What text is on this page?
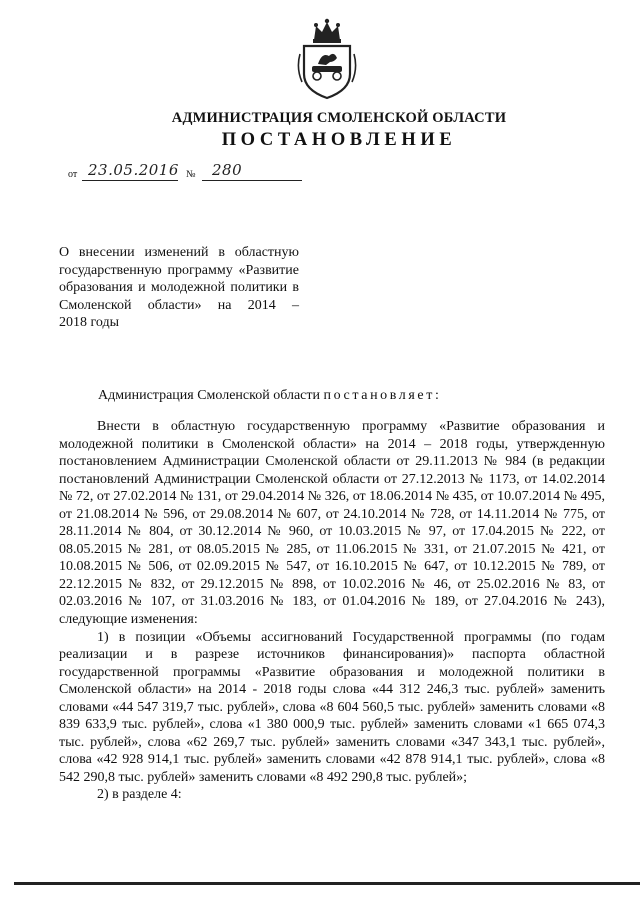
АДМИНИСТРАЦИЯ СМОЛЕНСКОЙ ОБЛАСТИ
ПОСТАНОВЛЕНИЕ
от 23.05.2016 № 280
О внесении изменений в областную государственную программу «Развитие образования и молодежной политики в Смоленской области» на 2014 –
2018 годы
Администрация Смоленской области постановляет:

Внести в областную государственную программу «Развитие образования и молодежной политики в Смоленской области» на 2014 – 2018 годы, утвержденную постановлением Администрации Смоленской области от 29.11.2013 № 984 (в редакции постановлений Администрации Смоленской области от 27.12.2013 № 1173, от 14.02.2014 № 72, от 27.02.2014 № 131, от 29.04.2014 № 326, от 18.06.2014 № 435, от 10.07.2014 № 495, от 21.08.2014 № 596, от 29.08.2014 № 607, от 24.10.2014 № 728, от 14.11.2014 № 775, от 28.11.2014 № 804, от 30.12.2014 № 960, от 10.03.2015 № 97, от 17.04.2015 № 222, от 08.05.2015 № 281, от 08.05.2015 № 285, от 11.06.2015 № 331, от 21.07.2015 № 421, от 10.08.2015 № 506, от 02.09.2015 № 547, от 16.10.2015 № 647, от 10.12.2015 № 789, от 22.12.2015 № 832, от 29.12.2015 № 898, от 10.02.2016 № 46, от 25.02.2016 № 83, от 02.03.2016 № 107, от 31.03.2016 № 183, от 01.04.2016 № 189, от 27.04.2016 № 243), следующие изменения:

1) в позиции «Объемы ассигнований Государственной программы (по годам реализации и в разрезе источников финансирования)» паспорта областной государственной программы «Развитие образования и молодежной политики в Смоленской области» на 2014 - 2018 годы слова «44 312 246,3 тыс. рублей» заменить словами «44 547 319,7 тыс. рублей», слова «8 604 560,5 тыс. рублей» заменить словами «8 839 633,9 тыс. рублей», слова «1 380 000,9 тыс. рублей» заменить словами «1 665 074,3 тыс. рублей», слова «62 269,7 тыс. рублей» заменить словами «347 343,1 тыс. рублей», слова «42 928 914,1 тыс. рублей» заменить словами «42 878 914,1 тыс. рублей», слова «8 542 290,8 тыс. рублей» заменить словами «8 492 290,8 тыс. рублей»;

2) в разделе 4:
